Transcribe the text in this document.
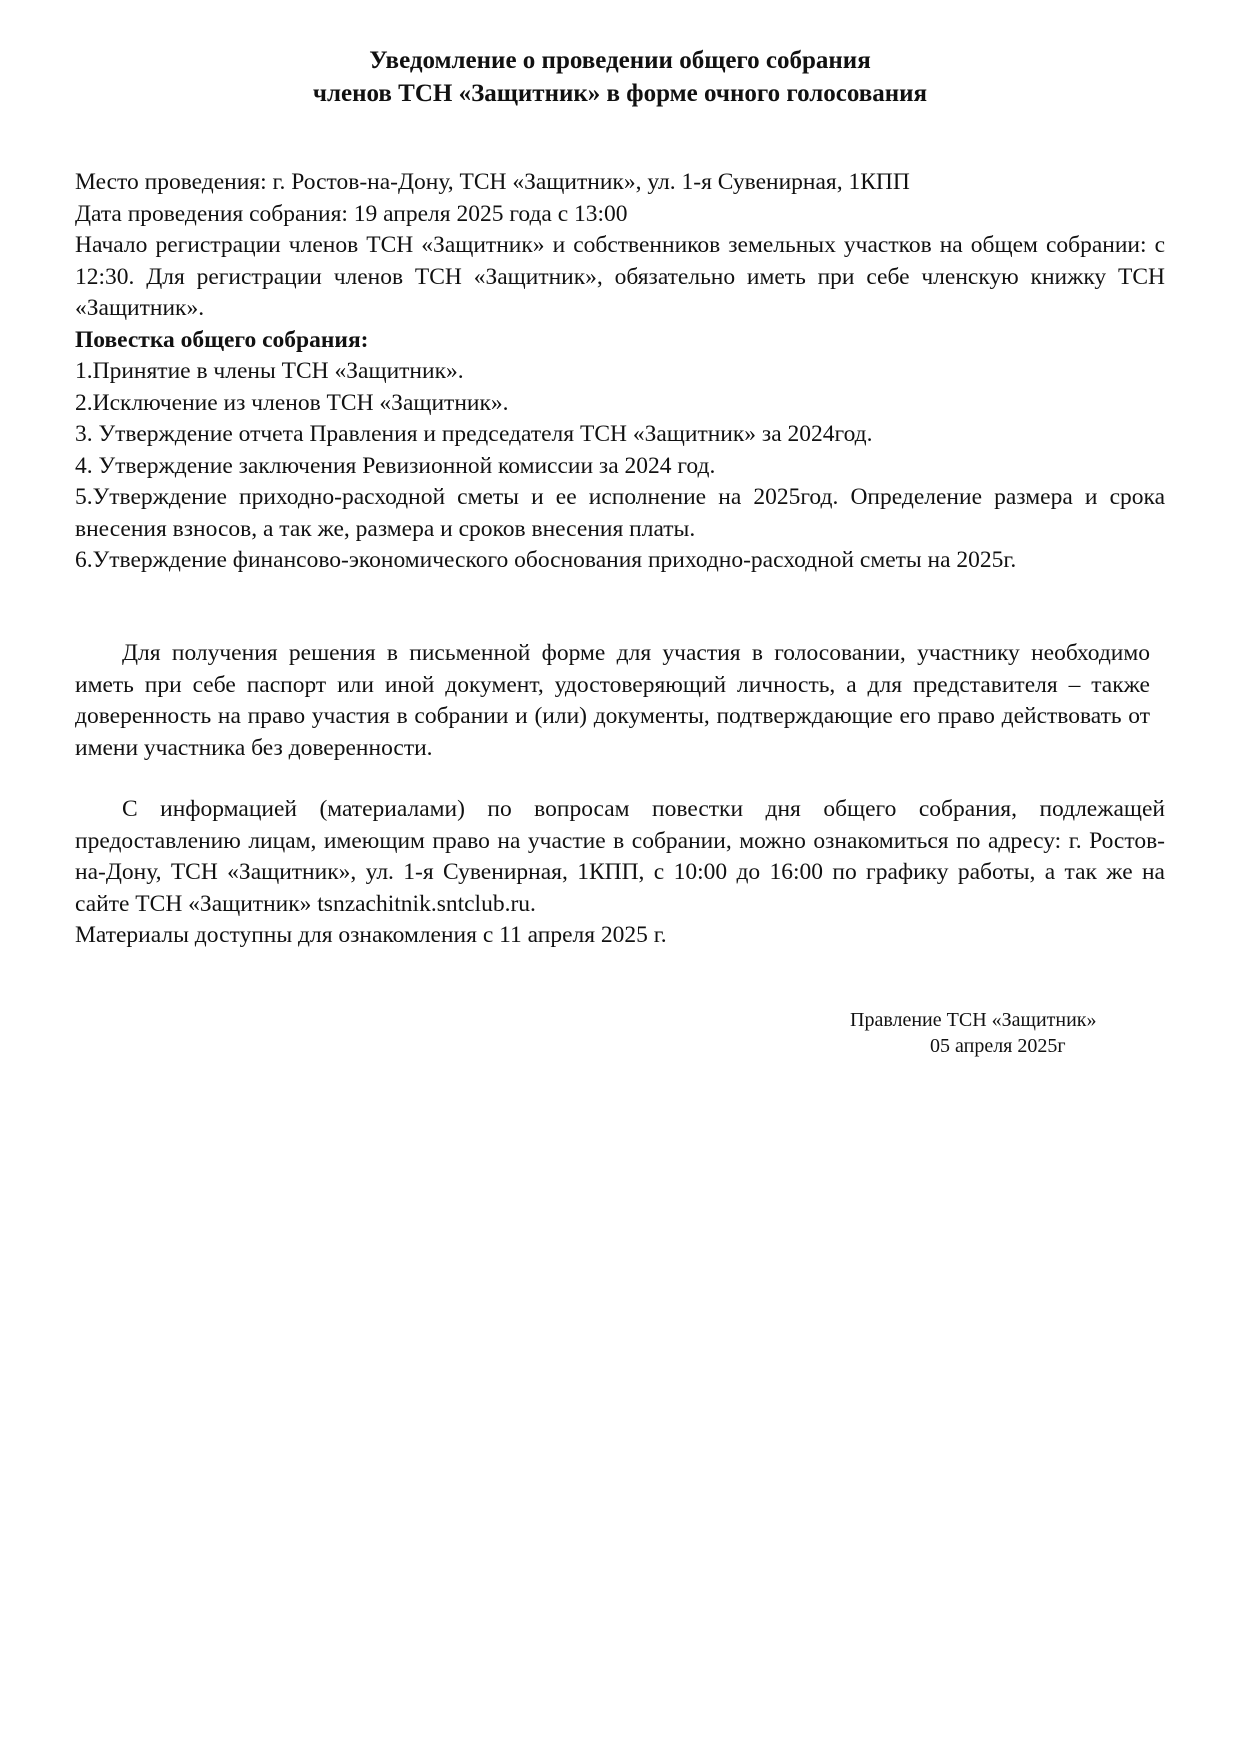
Уведомление о проведении общего собрания
членов ТСН «Защитник» в форме очного голосования
Место проведения: г. Ростов-на-Дону, ТСН «Защитник», ул. 1-я Сувенирная, 1КПП
Дата проведения собрания: 19 апреля 2025 года с 13:00
Начало регистрации членов ТСН «Защитник» и собственников земельных участков на общем собрании: с 12:30. Для регистрации членов ТСН «Защитник», обязательно иметь при себе членскую книжку ТСН «Защитник».
Повестка общего собрания:
1.Принятие в члены ТСН «Защитник».
2.Исключение из членов ТСН «Защитник».
3. Утверждение отчета Правления и председателя ТСН «Защитник» за 2024год.
4. Утверждение заключения Ревизионной комиссии за 2024 год.
5.Утверждение приходно-расходной сметы и ее исполнение на 2025год. Определение размера и срока внесения взносов, а так же, размера и сроков внесения платы.
6.Утверждение финансово-экономического обоснования приходно-расходной сметы на 2025г.
Для получения решения в письменной форме для участия в голосовании, участнику необходимо иметь при себе паспорт или иной документ, удостоверяющий личность, а для представителя – также доверенность на право участия в собрании и (или) документы, подтверждающие его право действовать от имени участника без доверенности.
С информацией (материалами) по вопросам повестки дня общего собрания, подлежащей предоставлению лицам, имеющим право на участие в собрании, можно ознакомиться по адресу: г. Ростов-на-Дону, ТСН «Защитник», ул. 1-я Сувенирная, 1КПП, с 10:00 до 16:00 по графику работы, а так же на сайте ТСН «Защитник» tsnzachitnik.sntclub.ru.
Материалы доступны для ознакомления с 11 апреля 2025 г.
Правление ТСН «Защитник»
05 апреля 2025г
